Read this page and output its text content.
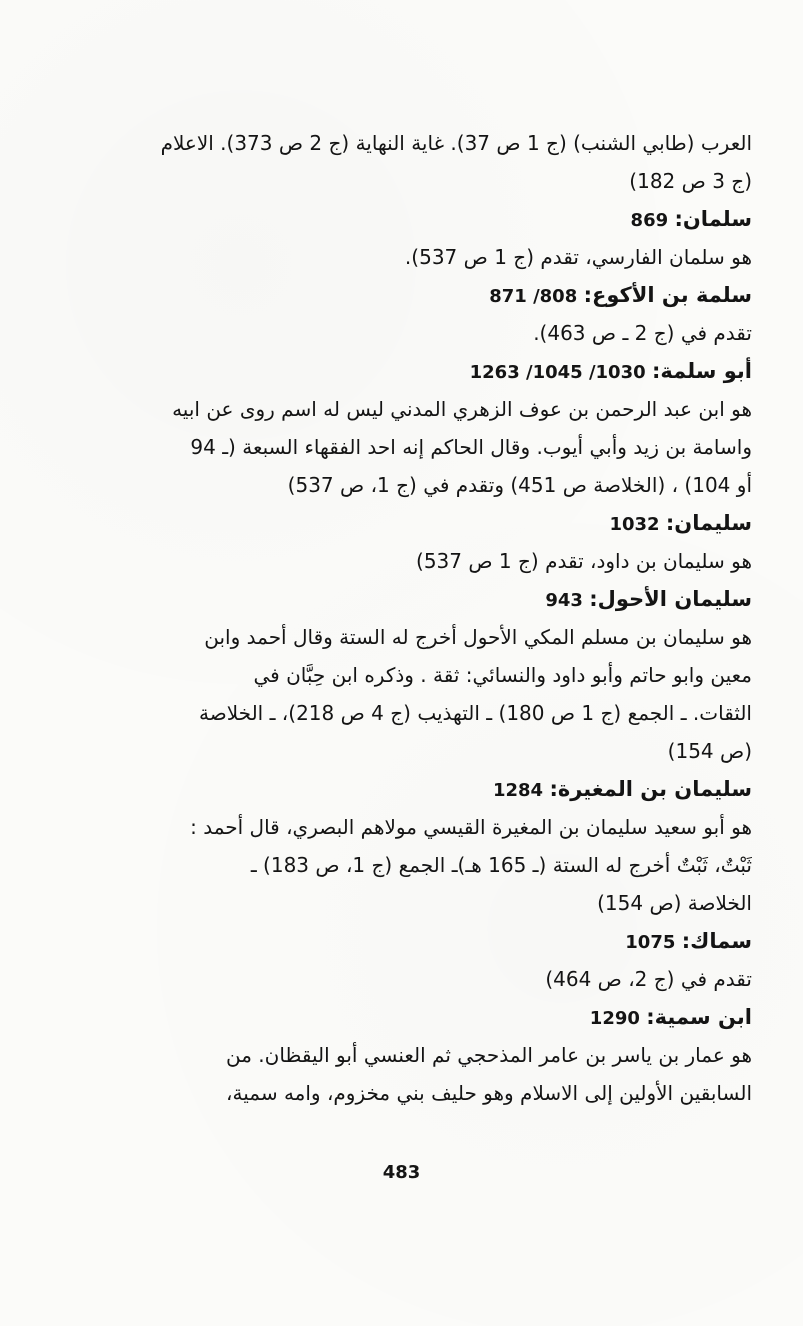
العرب (طابي الشنب) (ج 1 ص 37). غاية النهاية (ج 2 ص 373). الاعلام
(ج 3 ص 182)
سلمان: 869
هو سلمان الفارسي، تقدم (ج 1 ص 537).
سلمة بن الأكوع: 808/ 871
تقدم في (ج 2 ـ ص 463).
أبو سلمة: 1030/ 1045/ 1263
هو ابن عبد الرحمن بن عوف الزهري المدني ليس له اسم روى عن ابيه
واسامة بن زيد وأبي أيوب. وقال الحاكم إنه احد الفقهاء السبعة (ـ 94
أو 104) ، (الخلاصة ص 451) وتقدم في (ج 1، ص 537)
سليمان: 1032
هو سليمان بن داود، تقدم (ج 1 ص 537)
سليمان الأحول: 943
هو سليمان بن مسلم المكي الأحول أخرج له الستة وقال أحمد وابن
معين وابو حاتم وأبو داود والنسائي: ثقة . وذكره ابن حِبَّان في
الثقات. ـ الجمع (ج 1 ص 180) ـ التهذيب (ج 4 ص 218)، ـ الخلاصة
(ص 154)
سليمان بن المغيرة: 1284
هو أبو سعيد سليمان بن المغيرة القيسي مولاهم البصري، قال أحمد :
ثَبْتٌ، ثَبْتٌ أخرج له الستة (ـ 165 هـ)ـ الجمع (ج 1، ص 183) ـ
الخلاصة (ص 154)
سماك: 1075
تقدم في (ج 2، ص 464)
ابن سمية: 1290
هو عمار بن ياسر بن عامر المذحجي ثم العنسي أبو اليقظان. من
السابقين الأولين إلى الاسلام وهو حليف بني مخزوم، وامه سمية،
483
